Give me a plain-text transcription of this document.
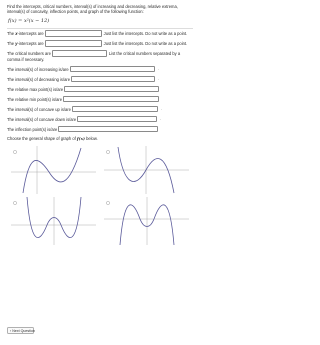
Find the intercepts, critical numbers, interval(s) of increasing and decreasing, relative extrema, interval(s) of concavity, inflection points, and graph of the following function:

f(x) = x²(x − 12)
The x-intercepts are	Just list the intercepts. Do not write as a point.
The y-intercepts are	Just list the intercepts. Do not write as a point.
The critical numbers are	List the critical numbers separated by a
comma if necessary.
The interval(s) of increasing is/are	·
The interval(s) of decreasing is/are	·
The relative max point(s) is/are
The relative min point(s) is/are
The interval(s) of concave up is/are	·
The interval(s) of concave down is/are	·
The inflection point(s) is/are
Choose the general shape of graph of f(x) below.
›Next Question
